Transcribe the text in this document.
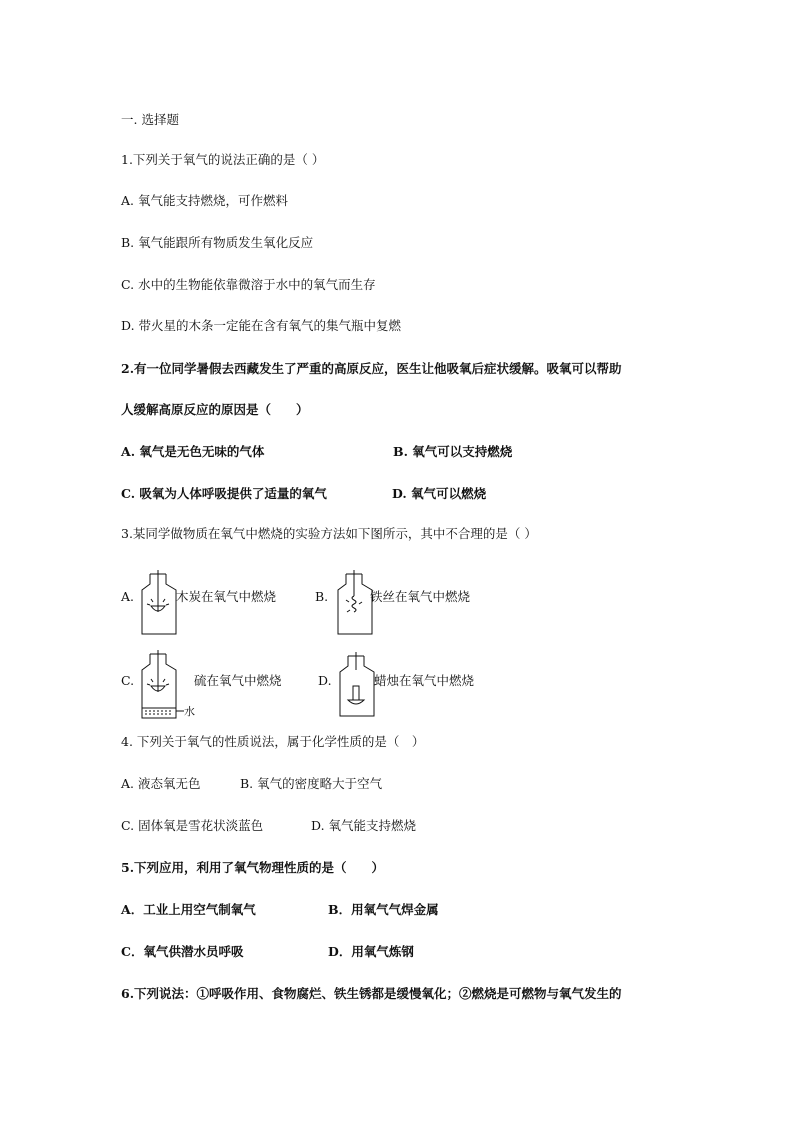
一. 选择题
1.下列关于氧气的说法正确的是（ ）
A. 氧气能支持燃烧，可作燃料
B. 氧气能跟所有物质发生氧化反应
C. 水中的生物能依靠微溶于水中的氧气而生存
D. 带火星的木条一定能在含有氧气的集气瓶中复燃
2.有一位同学暑假去西藏发生了严重的高原反应，医生让他吸氧后症状缓解。吸氧可以帮助
人缓解高原反应的原因是（　　）
A. 氧气是无色无味的气体	B. 氧气可以支持燃烧
C. 吸氧为人体呼吸提供了适量的氧气	D. 氧气可以燃烧
3.某同学做物质在氧气中燃烧的实验方法如下图所示，其中不合理的是（ ）
A.	木炭在氧气中燃烧	B.	铁丝在氧气中燃烧
C.
水
硫在氧气中燃烧	D.	蜡烛在氧气中燃烧
4. 下列关于氧气的性质说法，属于化学性质的是（　）
A. 液态氧无色	B. 氧气的密度略大于空气
C. 固体氧是雪花状淡蓝色	D. 氧气能支持燃烧
5.下列应用，利用了氧气物理性质的是（　　）
A．工业上用空气制氧气	B．用氧气气焊金属
C．氧气供潜水员呼吸	D．用氧气炼钢
6.下列说法：①呼吸作用、食物腐烂、铁生锈都是缓慢氧化；②燃烧是可燃物与氧气发生的
